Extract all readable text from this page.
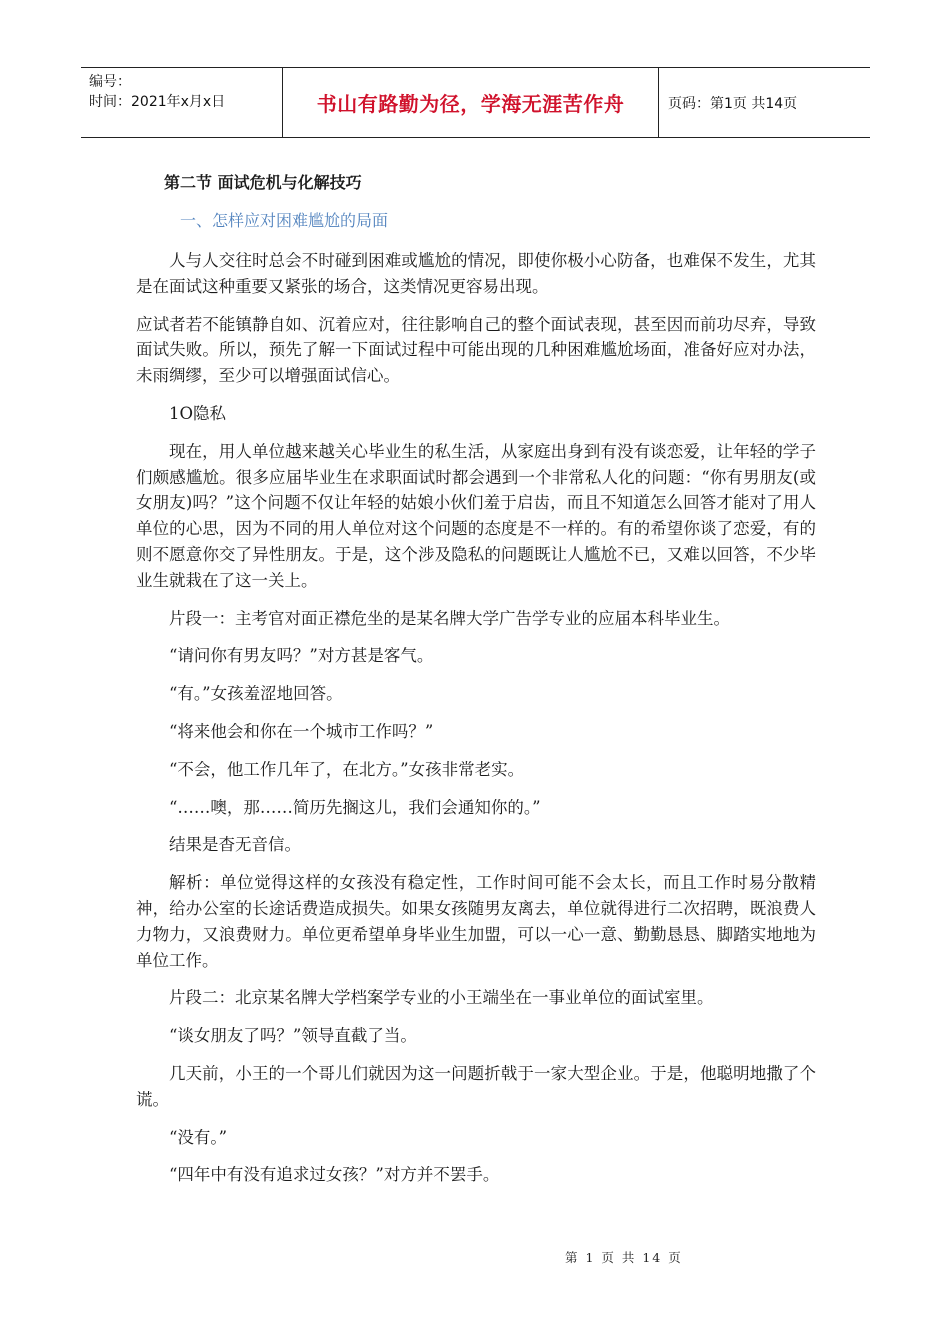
编号：
时间：2021年x月x日	书山有路勤为径，学海无涯苦作舟	页码：第1页 共14页
第二节 面试危机与化解技巧
一、怎样应对困难尴尬的局面

人与人交往时总会不时碰到困难或尴尬的情况，即使你极小心防备，也难保不发生，尤其是在面试这种重要又紧张的场合，这类情况更容易出现。

应试者若不能镇静自如、沉着应对，往往影响自己的整个面试表现，甚至因而前功尽弃，导致面试失败。所以，预先了解一下面试过程中可能出现的几种困难尴尬场面，准备好应对办法，未雨绸缪，至少可以增强面试信心。

1O隐私

现在，用人单位越来越关心毕业生的私生活，从家庭出身到有没有谈恋爱，让年轻的学子们颇感尴尬。很多应届毕业生在求职面试时都会遇到一个非常私人化的问题：“你有男朋友(或女朋友)吗？”这个问题不仅让年轻的姑娘小伙们羞于启齿，而且不知道怎么回答才能对了用人单位的心思，因为不同的用人单位对这个问题的态度是不一样的。有的希望你谈了恋爱，有的则不愿意你交了异性朋友。于是，这个涉及隐私的问题既让人尴尬不已，又难以回答，不少毕业生就栽在了这一关上。

片段一：主考官对面正襟危坐的是某名牌大学广告学专业的应届本科毕业生。

“请问你有男友吗？”对方甚是客气。

“有。”女孩羞涩地回答。

“将来他会和你在一个城市工作吗？”

“不会，他工作几年了，在北方。”女孩非常老实。

“……噢，那……简历先搁这儿，我们会通知你的。”

结果是杳无音信。

解析：单位觉得这样的女孩没有稳定性，工作时间可能不会太长，而且工作时易分散精神，给办公室的长途话费造成损失。如果女孩随男友离去，单位就得进行二次招聘，既浪费人力物力，又浪费财力。单位更希望单身毕业生加盟，可以一心一意、勤勤恳恳、脚踏实地地为单位工作。

片段二：北京某名牌大学档案学专业的小王端坐在一事业单位的面试室里。

“谈女朋友了吗？”领导直截了当。

几天前，小王的一个哥儿们就因为这一问题折戟于一家大型企业。于是，他聪明地撒了个谎。

“没有。”

“四年中有没有追求过女孩？”对方并不罢手。

第 1 页 共 14 页
